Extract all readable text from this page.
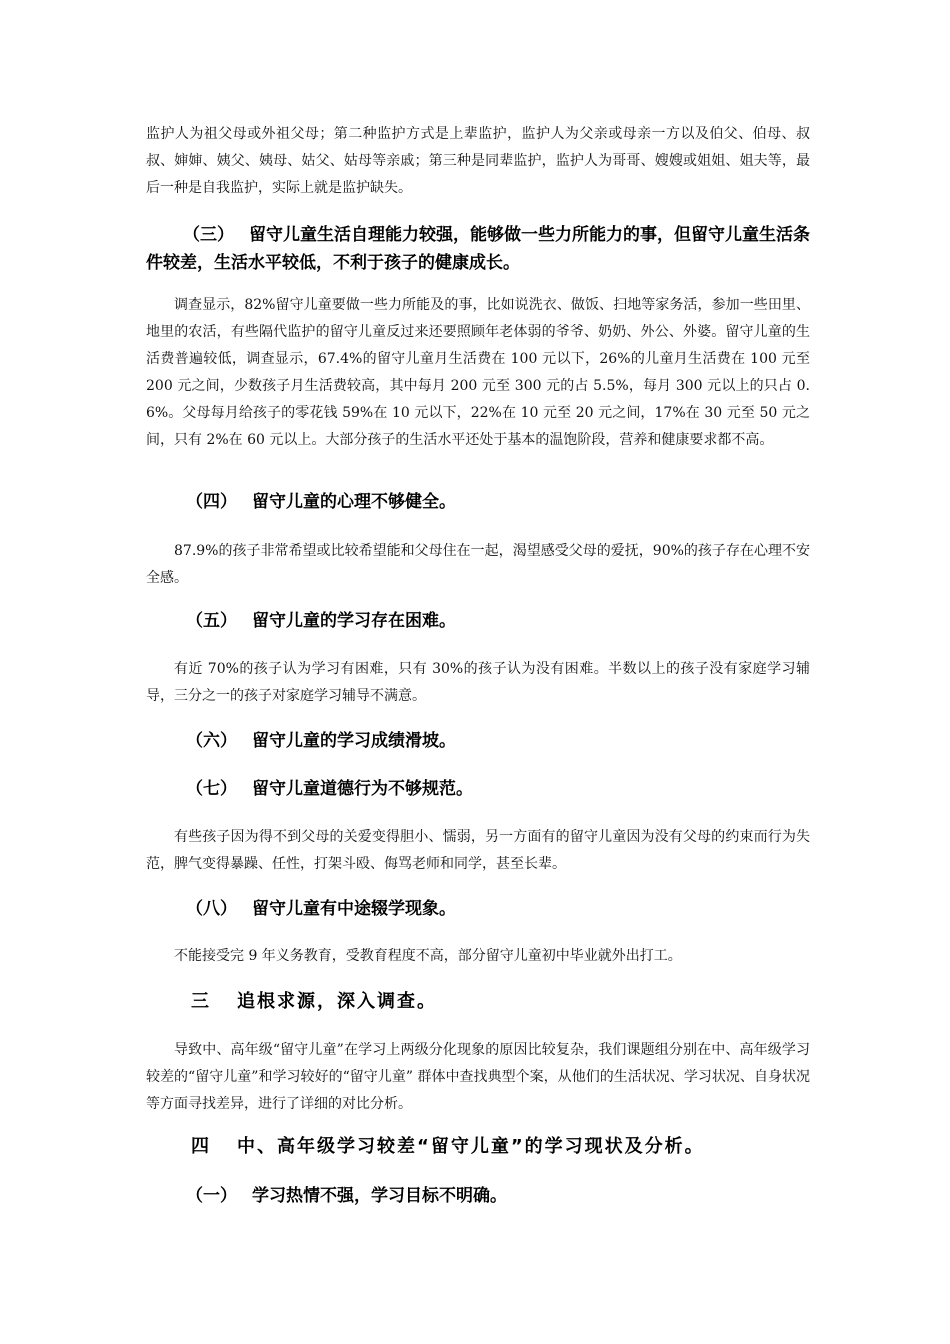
监护人为祖父母或外祖父母；第二种监护方式是上辈监护，监护人为父亲或母亲一方以及伯父、伯母、叔叔、婶婶、姨父、姨母、姑父、姑母等亲戚；第三种是同辈监护，监护人为哥哥、嫂嫂或姐姐、姐夫等，最后一种是自我监护，实际上就是监护缺失。

（三） 留守儿童生活自理能力较强，能够做一些力所能力的事，但留守儿童生活条件较差，生活水平较低，不利于孩子的健康成长。

调查显示，82%留守儿童要做一些力所能及的事，比如说洗衣、做饭、扫地等家务活，参加一些田里、地里的农活，有些隔代监护的留守儿童反过来还要照顾年老体弱的爷爷、奶奶、外公、外婆。留守儿童的生活费普遍较低，调查显示，67.4%的留守儿童月生活费在 100 元以下，26%的儿童月生活费在 100 元至 200 元之间，少数孩子月生活费较高，其中每月 200 元至 300 元的占 5.5%，每月 300 元以上的只占 0.6%。父母每月给孩子的零花钱 59%在 10 元以下，22%在 10 元至 20 元之间，17%在 30 元至 50 元之间，只有 2%在 60 元以上。大部分孩子的生活水平还处于基本的温饱阶段，营养和健康要求都不高。

（四） 留守儿童的心理不够健全。

87.9%的孩子非常希望或比较希望能和父母住在一起，渴望感受父母的爱抚，90%的孩子存在心理不安全感。

（五） 留守儿童的学习存在困难。

有近 70%的孩子认为学习有困难，只有 30%的孩子认为没有困难。半数以上的孩子没有家庭学习辅导，三分之一的孩子对家庭学习辅导不满意。

（六） 留守儿童的学习成绩滑坡。
（七） 留守儿童道德行为不够规范。

有些孩子因为得不到父母的关爱变得胆小、懦弱，另一方面有的留守儿童因为没有父母的约束而行为失范，脾气变得暴躁、任性，打架斗殴、侮骂老师和同学，甚至长辈。

（八） 留守儿童有中途辍学现象。

不能接受完 9 年义务教育，受教育程度不高，部分留守儿童初中毕业就外出打工。

三 追根求源，深入调查。

导致中、高年级“留守儿童”在学习上两级分化现象的原因比较复杂，我们课题组分别在中、高年级学习较差的“留守儿童”和学习较好的“留守儿童” 群体中查找典型个案，从他们的生活状况、学习状况、自身状况等方面寻找差异，进行了详细的对比分析。

四 中、高年级学习较差“留守儿童”的学习现状及分析。
（一） 学习热情不强，学习目标不明确。
